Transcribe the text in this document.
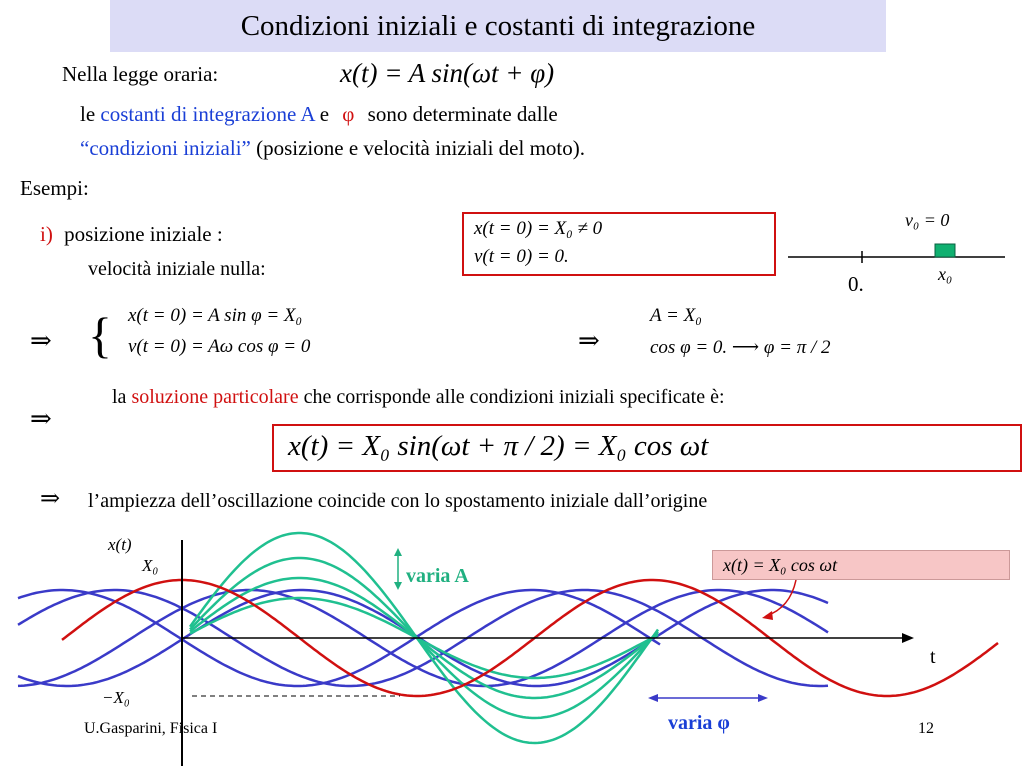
Condizioni iniziali e costanti di integrazione
Nella legge oraria:	x(t) = A sin(ωt + φ)
le costanti di integrazione A e φ sono determinate dalle
“condizioni iniziali” (posizione e velocità iniziali del moto).
Esempi:
i) posizione iniziale :
velocità iniziale nulla:
x(t = 0) = X₀ ≠ 0
v(t = 0) = 0.
v₀ = 0
0.	x₀
⇒ { x(t = 0) = A sin φ = X₀
v(t = 0) = Aω cos φ = 0	⇒
A = X₀
cos φ = 0. ⟶ φ = π / 2
⇒
la soluzione particolare che corrisponde alle condizioni iniziali specificate è:
x(t) = X₀ sin(ωt + π / 2) = X₀ cos ωt
⇒ l’ampiezza dell’oscillazione coincide con lo spostamento iniziale dall’origine
x(t)
X₀
−X₀
t
varia A
varia φ
x(t) = X₀ cos ωt
U.Gasparini, Fisica I	12
